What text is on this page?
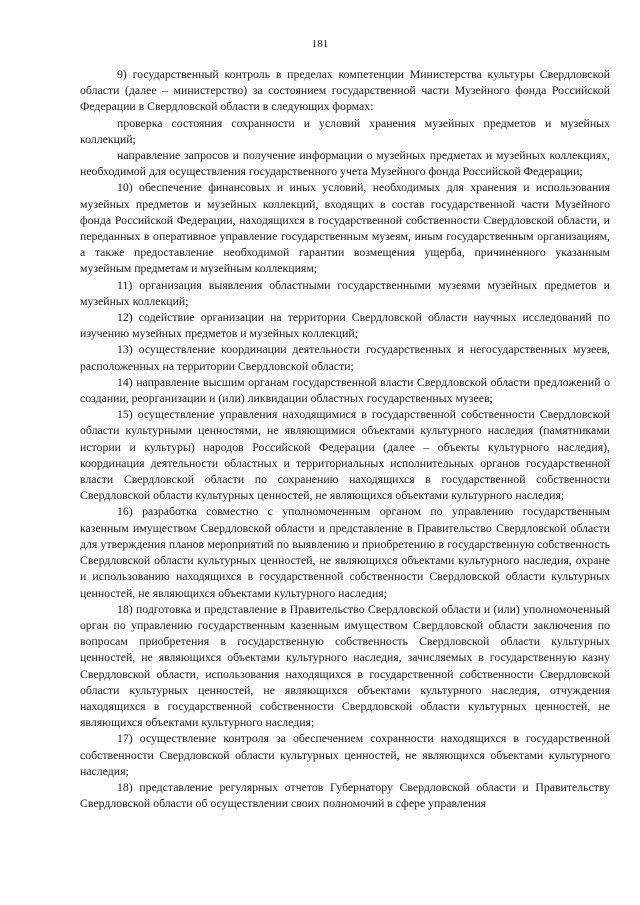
181

9) государственный контроль в пределах компетенции Министерства культуры Свердловской области (далее – министерство) за состоянием государственной части Музейного фонда Российской Федерации в Свердловской области в следующих формах:

проверка состояния сохранности и условий хранения музейных предметов и музейных коллекций;

направление запросов и получение информации о музейных предметах и музейных коллекциях, необходимой для осуществления государственного учета Музейного фонда Российской Федерации;

10) обеспечение финансовых и иных условий, необходимых для хранения и использования музейных предметов и музейных коллекций, входящих в состав государственной части Музейного фонда Российской Федерации, находящихся в государственной собственности Свердловской области, и переданных в оперативное управление государственным музеям, иным государственным организациям, а также предоставление необходимой гарантии возмещения ущерба, причиненного указанным музейным предметам и музейным коллекциям;

11) организация выявления областными государственными музеями музейных предметов и музейных коллекций;

12) содействие организации на территории Свердловской области научных исследований по изучению музейных предметов и музейных коллекций;

13) осуществление координации деятельности государственных и негосударственных музеев, расположенных на территории Свердловской области;

14) направление высшим органам государственной власти Свердловской области предложений о создании, реорганизации и (или) ликвидации областных государственных музеев;

15) осуществление управления находящимися в государственной собственности Свердловской области культурными ценностями, не являющимися объектами культурного наследия (памятниками истории и культуры) народов Российской Федерации (далее – объекты культурного наследия), координация деятельности областных и территориальных исполнительных органов государственной власти Свердловской области по сохранению находящихся в государственной собственности Свердловской области культурных ценностей, не являющихся объектами культурного наследия;

16) разработка совместно с уполномоченным органом по управлению государственным казенным имуществом Свердловской области и представление в Правительство Свердловской области для утверждения планов мероприятий по выявлению и приобретению в государственную собственность Свердловской области культурных ценностей, не являющихся объектами культурного наследия, охране и использованию находящихся в государственной собственности Свердловской области культурных ценностей, не являющихся объектами культурного наследия;

18) подготовка и представление в Правительство Свердловской области и (или) уполномоченный орган по управлению государственным казенным имуществом Свердловской области заключения по вопросам приобретения в государственную собственность Свердловской области культурных ценностей, не являющихся объектами культурного наследия, зачисляемых в государственную казну Свердловской области, использования находящихся в государственной собственности Свердловской области культурных ценностей, не являющихся объектами культурного наследия, отчуждения находящихся в государственной собственности Свердловской области культурных ценностей, не являющихся объектами культурного наследия;

17) осуществление контроля за обеспечением сохранности находящихся в государственной собственности Свердловской области культурных ценностей, не являющихся объектами культурного наследия;

18) представление регулярных отчетов Губернатору Свердловской области и Правительству Свердловской области об осуществлении своих полномочий в сфере управления
